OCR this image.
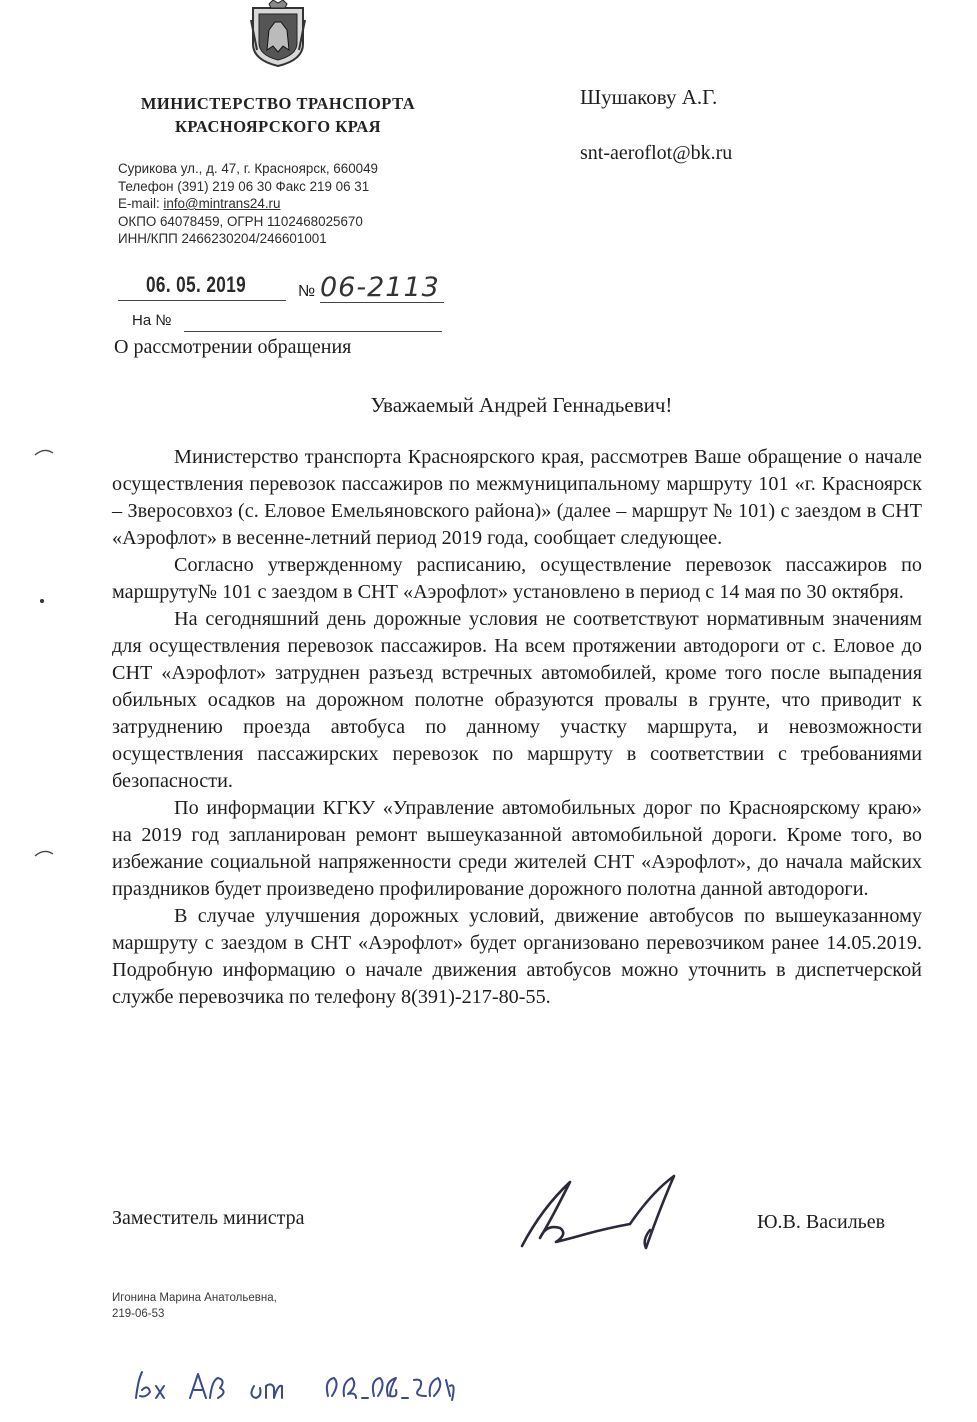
МИНИСТЕРСТВО ТРАНСПОРТА
КРАСНОЯРСКОГО КРАЯ
Сурикова ул., д. 47, г. Красноярск, 660049
Телефон (391) 219 06 30 Факс 219 06 31
E-mail: info@mintrans24.ru
ОКПО 64078459, ОГРН 1102468025670
ИНН/КПП 2466230204/246601001
Шушакову А.Г.
snt-aeroflot@bk.ru
06. 05. 2019	№ 06-2113
На №
О рассмотрении обращения
Уважаемый Андрей Геннадьевич!

Министерство транспорта Красноярского края, рассмотрев Ваше обращение о начале осуществления перевозок пассажиров по межмуниципальному маршруту 101 «г. Красноярск – Зверосовхоз (с. Еловое Емельяновского района)» (далее – маршрут № 101) с заездом в СНТ «Аэрофлот» в весенне-летний период 2019 года, сообщает следующее.

Согласно утвержденному расписанию, осуществление перевозок пассажиров по маршруту№ 101 с заездом в СНТ «Аэрофлот» установлено в период с 14 мая по 30 октября.

На сегодняшний день дорожные условия не соответствуют нормативным значениям для осуществления перевозок пассажиров. На всем протяжении автодороги от с. Еловое до СНТ «Аэрофлот» затруднен разъезд встречных автомобилей, кроме того после выпадения обильных осадков на дорожном полотне образуются провалы в грунте, что приводит к затруднению проезда автобуса по данному участку маршрута, и невозможности осуществления пассажирских перевозок по маршруту в соответствии с требованиями безопасности.

По информации КГКУ «Управление автомобильных дорог по Красноярскому краю» на 2019 год запланирован ремонт вышеуказанной автомобильной дороги. Кроме того, во избежание социальной напряженности среди жителей СНТ «Аэрофлот», до начала майских праздников будет произведено профилирование дорожного полотна данной автодороги.

В случае улучшения дорожных условий, движение автобусов по вышеуказанному маршруту с заездом в СНТ «Аэрофлот» будет организовано перевозчиком ранее 14.05.2019. Подробную информацию о начале движения автобусов можно уточнить в диспетчерской службе перевозчика по телефону 8(391)-217-80-55.

Заместитель министра	Ю.В. Васильев
Игонина Марина Анатольевна,
219-06-53
